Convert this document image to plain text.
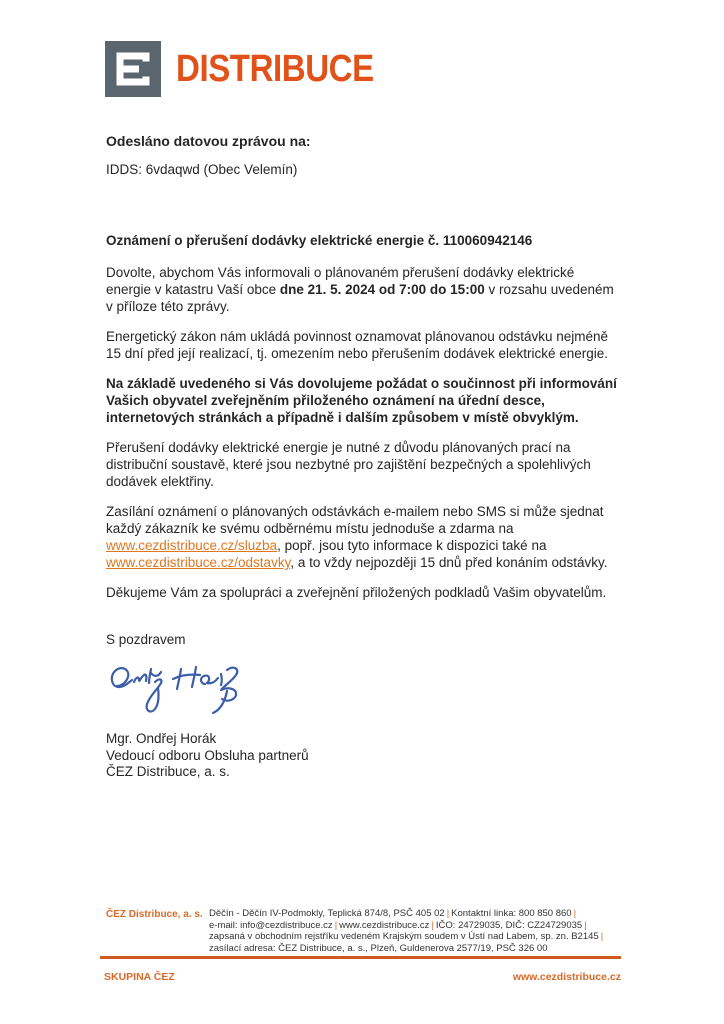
DISTRIBUCE
Odesláno datovou zprávou na:
IDDS: 6vdaqwd (Obec Velemín)
Oznámení o přerušení dodávky elektrické energie č. 110060942146

Dovolte, abychom Vás informovali o plánovaném přerušení dodávky elektrické energie v katastru Vaší obce dne 21. 5. 2024 od 7:00 do 15:00 v rozsahu uvedeném v příloze této zprávy.

Energetický zákon nám ukládá povinnost oznamovat plánovanou odstávku nejméně 15 dní před její realizací, tj. omezením nebo přerušením dodávek elektrické energie.

Na základě uvedeného si Vás dovolujeme požádat o součinnost při informování Vašich obyvatel zveřejněním přiloženého oznámení na úřední desce, internetových stránkách a případně i dalším způsobem v místě obvyklým.

Přerušení dodávky elektrické energie je nutné z důvodu plánovaných prací na distribuční soustavě, které jsou nezbytné pro zajištění bezpečných a spolehlivých dodávek elektřiny.

Zasílání oznámení o plánovaných odstávkách e-mailem nebo SMS si může sjednat každý zákazník ke svému odběrnému místu jednoduše a zdarma na www.cezdistribuce.cz/sluzba, popř. jsou tyto informace k dispozici také na www.cezdistribuce.cz/odstavky, a to vždy nejpozději 15 dnů před konáním odstávky.

Děkujeme Vám za spolupráci a zveřejnění přiložených podkladů Vašim obyvatelům.

S pozdravem

Mgr. Ondřej Horák
Vedoucí odboru Obsluha partnerů
ČEZ Distribuce, a. s.
ČEZ Distribuce, a. s. Děčín - Děčín IV-Podmokly, Teplická 874/8, PSČ 405 02 | Kontaktní linka: 800 850 860 |
e-mail: info@cezdistribuce.cz | www.cezdistribuce.cz | IČO: 24729035, DIČ: CZ24729035 |
zapsaná v obchodním rejstříku vedeném Krajským soudem v Ústí nad Labem, sp. zn. B2145 |
zasílací adresa: ČEZ Distribuce, a. s., Plzeň, Guldenerova 2577/19, PSČ 326 00
SKUPINA ČEZ	www.cezdistribuce.cz
